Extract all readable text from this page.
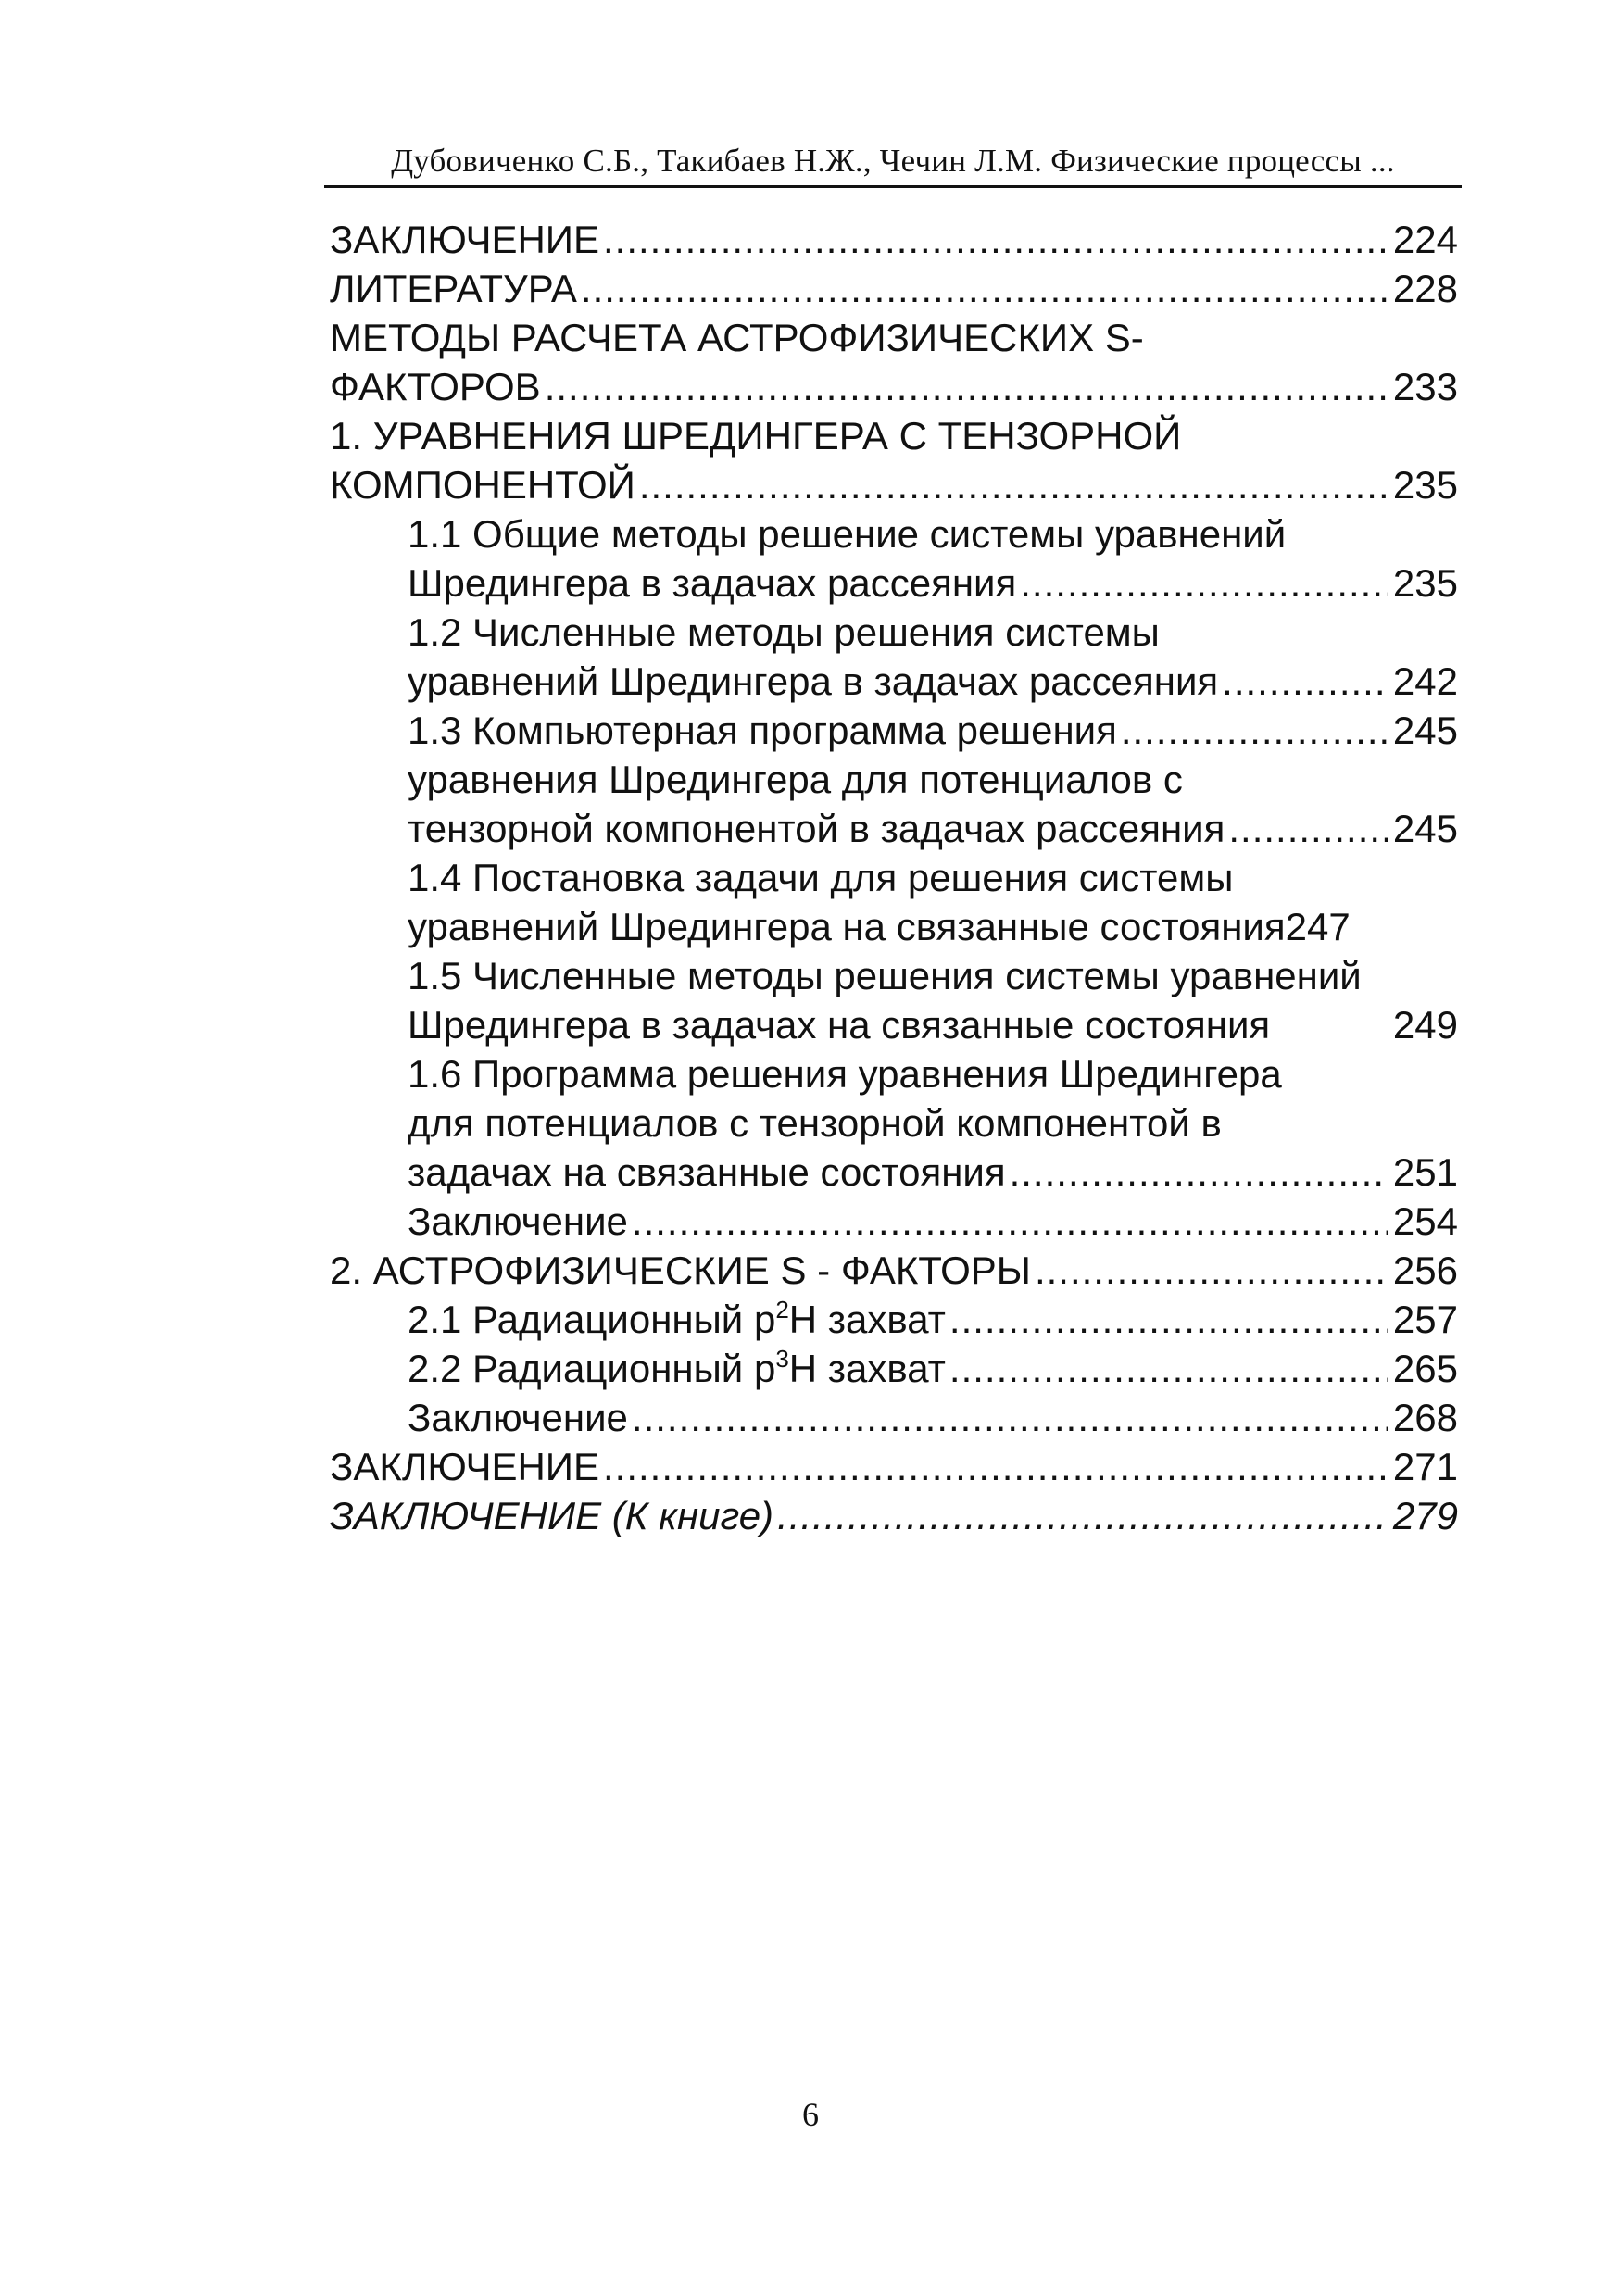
Дубовиченко С.Б., Такибаев Н.Ж., Чечин Л.М. Физические процессы ...
ЗАКЛЮЧЕНИЕ .....	224
ЛИТЕРАТУРА .....	228
МЕТОДЫ РАСЧЕТА АСТРОФИЗИЧЕСКИХ S-
ФАКТОРОВ .....	233
1. УРАВНЕНИЯ ШРЕДИНГЕРА С ТЕНЗОРНОЙ
КОМПОНЕНТОЙ .....	235
1.1 Общие методы решение системы уравнений
Шредингера в задачах рассеяния .....	235
1.2 Численные методы решения системы
уравнений Шредингера в задачах рассеяния .....	242
1.3 Компьютерная программа решения .....	245
уравнения Шредингера для потенциалов с
тензорной компонентой в задачах рассеяния .....	245
1.4 Постановка задачи для решения системы
уравнений Шредингера на связанные состояния 247
1.5 Численные методы решения системы уравнений
Шредингера в задачах на связанные состояния	249
1.6 Программа решения уравнения Шредингера
для потенциалов с тензорной компонентой в
задачах на связанные состояния .....	251
Заключение .....	254
2. АСТРОФИЗИЧЕСКИЕ S - ФАКТОРЫ .....	256
2.1 Радиационный $р^2Н$ захват .....	257
2.2 Радиационный $р^3Н$ захват .....	265
Заключение .....	268
ЗАКЛЮЧЕНИЕ .....	271
ЗАКЛЮЧЕНИЕ (К книге) .....	279
6
